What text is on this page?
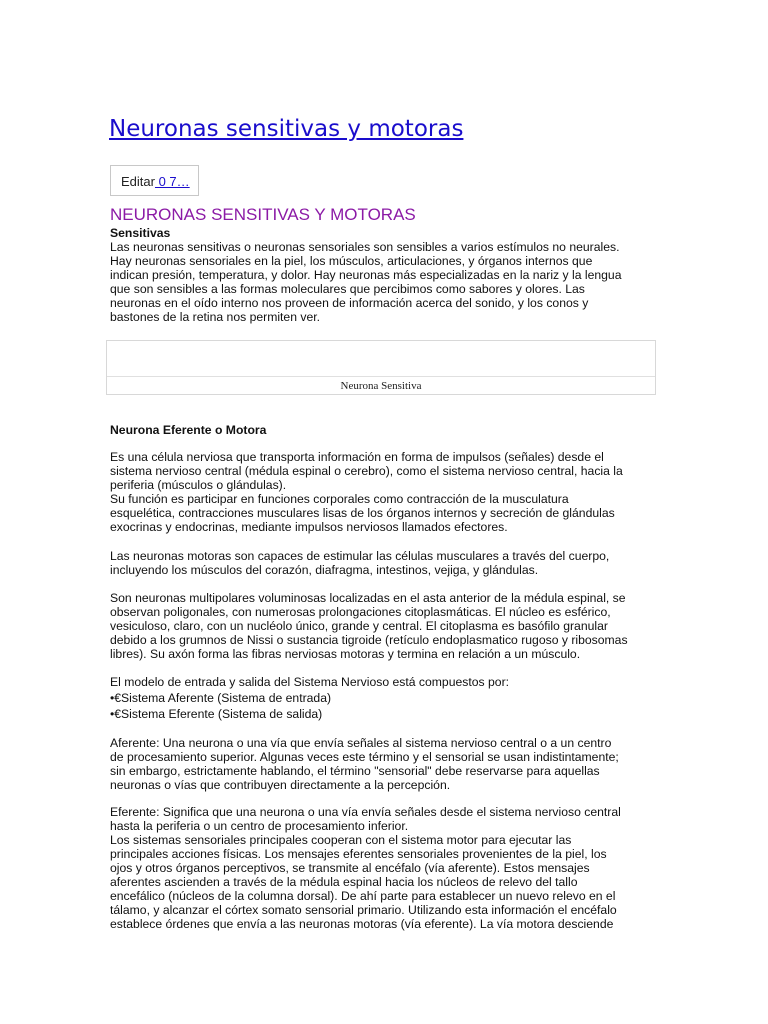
Neuronas sensitivas y motoras
Editar 0 7…
NEURONAS SENSITIVAS Y MOTORAS

Sensitivas

Las neuronas sensitivas o neuronas sensoriales son sensibles a varios estímulos no neurales.

Hay neuronas sensoriales en la piel, los músculos, articulaciones, y órganos internos que

indican presión, temperatura, y dolor. Hay neuronas más especializadas en la nariz y la lengua

que son sensibles a las formas moleculares que percibimos como sabores y olores. Las

neuronas en el oído interno nos proveen de información acerca del sonido, y los conos y

bastones de la retina nos permiten ver.

Neurona Sensitiva

Neurona Eferente o Motora

Es una célula nerviosa que transporta información en forma de impulsos (señales) desde el

sistema nervioso central (médula espinal o cerebro), como el sistema nervioso central, hacia la

periferia (músculos o glándulas).

Su función es participar en funciones corporales como contracción de la musculatura

esquelética, contracciones musculares lisas de los órganos internos y secreción de glándulas

exocrinas y endocrinas, mediante impulsos nerviosos llamados efectores.

Las neuronas motoras son capaces de estimular las células musculares a través del cuerpo,

incluyendo los músculos del corazón, diafragma, intestinos, vejiga, y glándulas.

Son neuronas multipolares voluminosas localizadas en el asta anterior de la médula espinal, se

observan poligonales, con numerosas prolongaciones citoplasmáticas. El núcleo es esférico,

vesiculoso, claro, con un nucléolo único, grande y central. El citoplasma es basófilo granular

debido a los grumnos de Nissi o sustancia tigroide (retículo endoplasmatico rugoso y ribosomas

libres). Su axón forma las fibras nerviosas motoras y termina en relación a un músculo.

El modelo de entrada y salida del Sistema Nervioso está compuestos por:

•€Sistema Aferente (Sistema de entrada)

•€Sistema Eferente (Sistema de salida)

Aferente: Una neurona o una vía que envía señales al sistema nervioso central o a un centro

de procesamiento superior. Algunas veces este término y el sensorial se usan indistintamente;

sin embargo, estrictamente hablando, el término "sensorial" debe reservarse para aquellas

neuronas o vías que contribuyen directamente a la percepción.

Eferente: Significa que una neurona o una vía envía señales desde el sistema nervioso central

hasta la periferia o un centro de procesamiento inferior.

Los sistemas sensoriales principales cooperan con el sistema motor para ejecutar las

principales acciones físicas. Los mensajes eferentes sensoriales provenientes de la piel, los

ojos y otros órganos perceptivos, se transmite al encéfalo (vía aferente). Estos mensajes

aferentes ascienden a través de la médula espinal hacia los núcleos de relevo del tallo

encefálico (núcleos de la columna dorsal). De ahí parte para establecer un nuevo relevo en el

tálamo, y alcanzar el córtex somato sensorial primario. Utilizando esta información el encéfalo

establece órdenes que envía a las neuronas motoras (vía eferente). La vía motora desciende
